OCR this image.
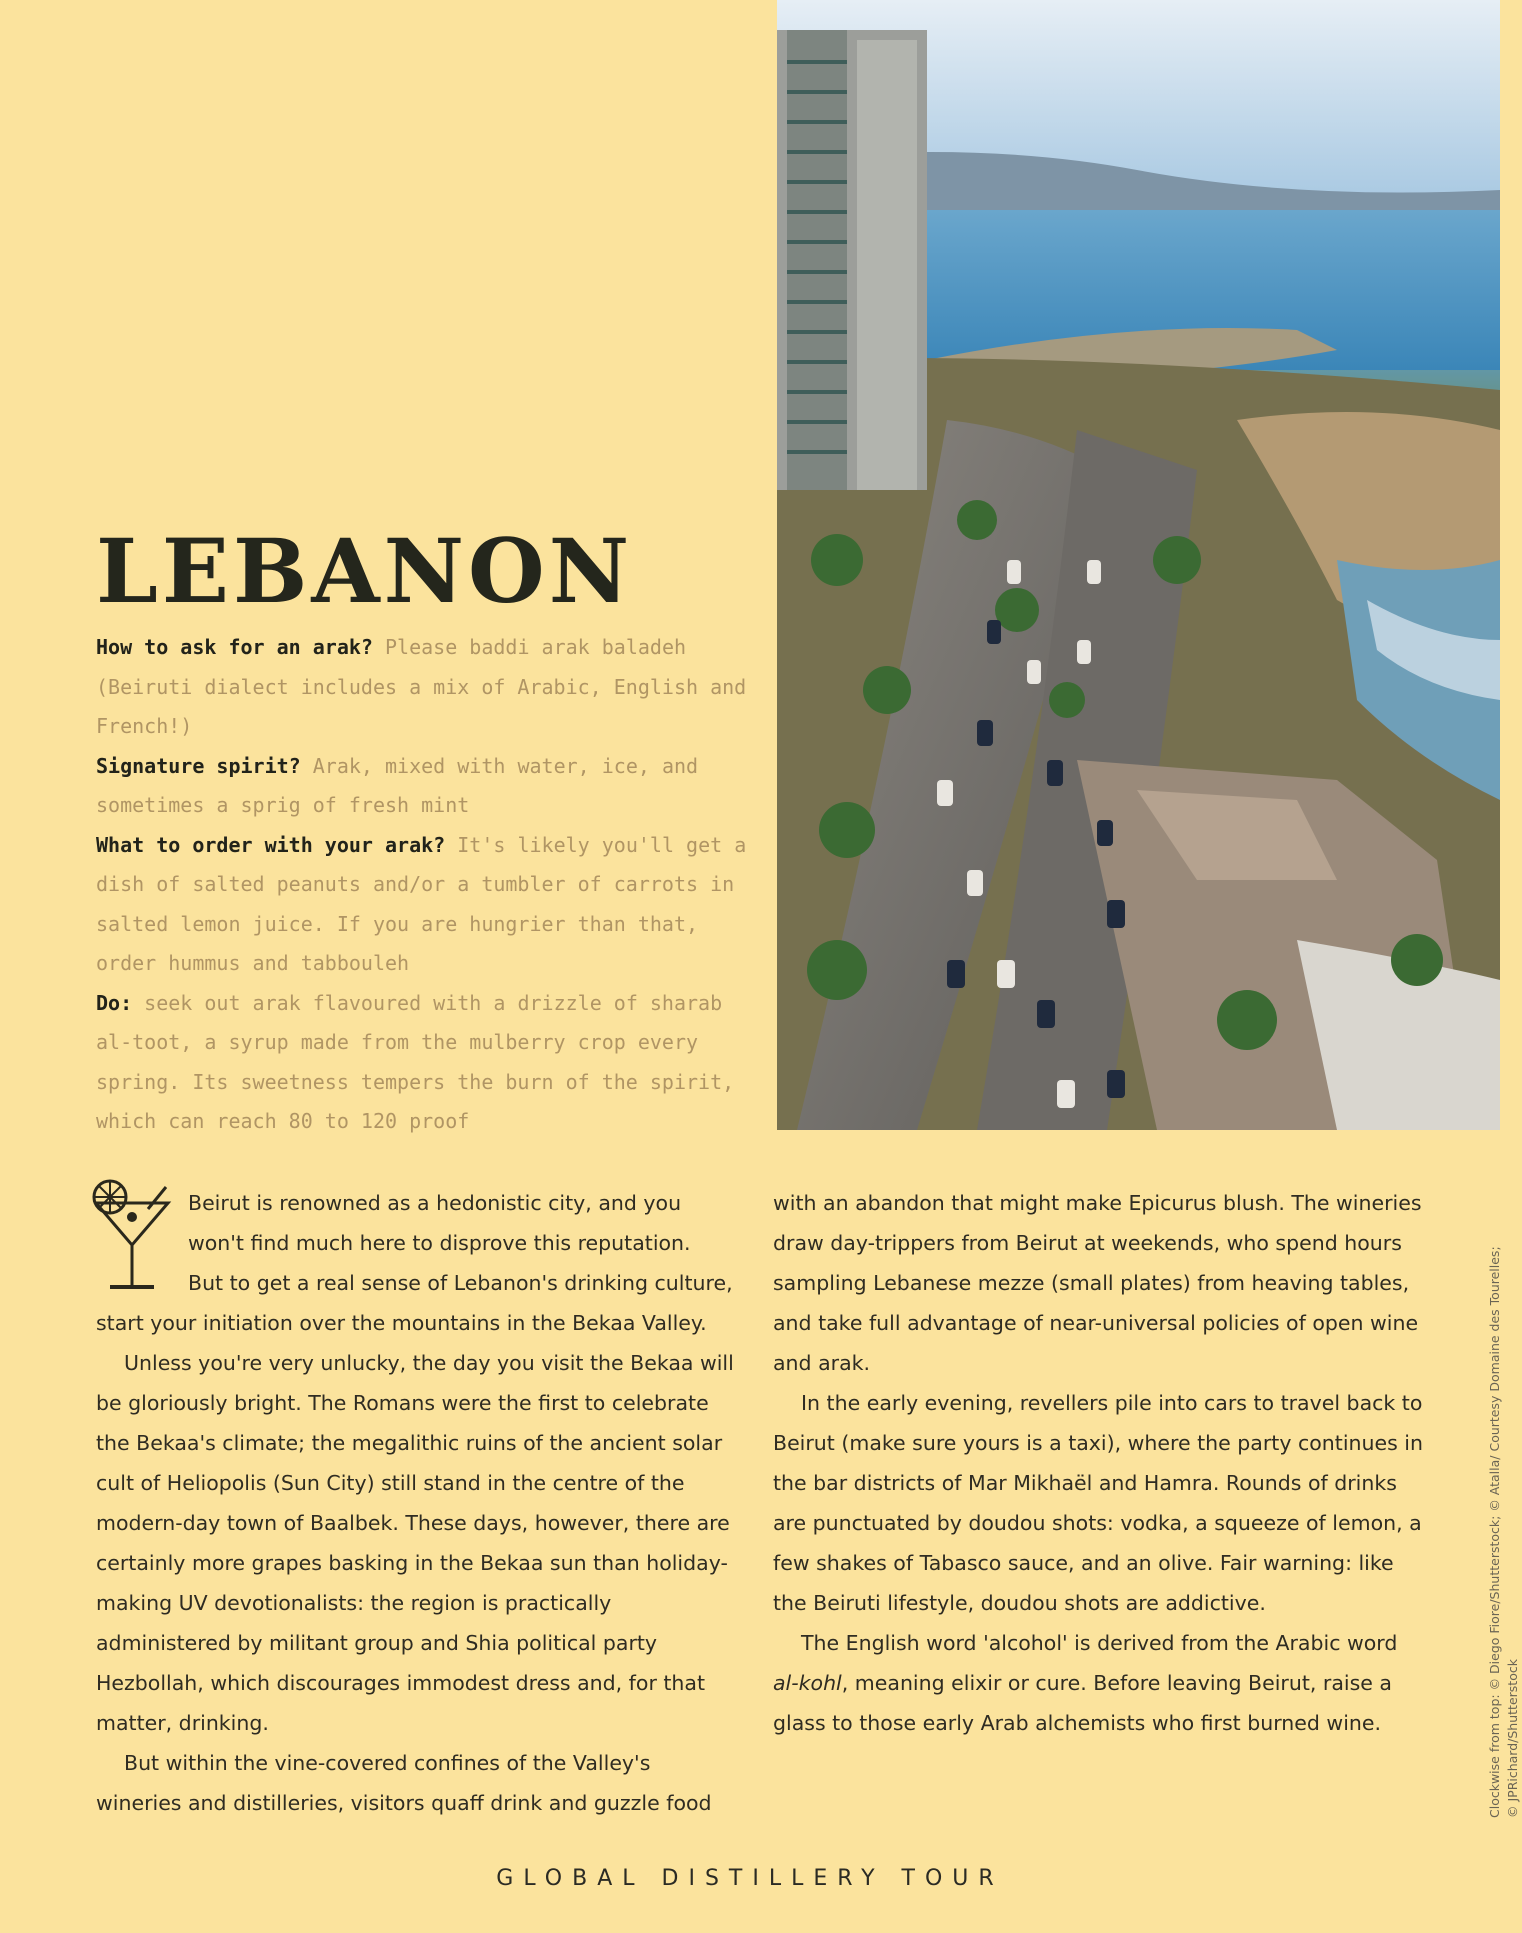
LEBANON

How to ask for an arak? Please baddi arak baladeh (Beiruti dialect includes a mix of Arabic, English and French!)

Signature spirit? Arak, mixed with water, ice, and sometimes a sprig of fresh mint

What to order with your arak? It's likely you'll get a dish of salted peanuts and/or a tumbler of carrots in salted lemon juice. If you are hungrier than that, order hummus and tabbouleh

Do: seek out arak flavoured with a drizzle of sharab al-toot, a syrup made from the mulberry crop every spring. Its sweetness tempers the burn of the spirit, which can reach 80 to 120 proof

Beirut is renowned as a hedonistic city, and you
won't find much here to disprove this reputation.
But to get a real sense of Lebanon's drinking culture,
start your initiation over the mountains in the Bekaa Valley.

Unless you're very unlucky, the day you visit the Bekaa will be gloriously bright. The Romans were the first to celebrate the Bekaa's climate; the megalithic ruins of the ancient solar cult of Heliopolis (Sun City) still stand in the centre of the modern-day town of Baalbek. These days, however, there are certainly more grapes basking in the Bekaa sun than holiday-making UV devotionalists: the region is practically administered by militant group and Shia political party Hezbollah, which discourages immodest dress and, for that matter, drinking.

But within the vine-covered confines of the Valley's wineries and distilleries, visitors quaff drink and guzzle food

with an abandon that might make Epicurus blush. The wineries draw day-trippers from Beirut at weekends, who spend hours sampling Lebanese mezze (small plates) from heaving tables, and take full advantage of near-universal policies of open wine and arak.

In the early evening, revellers pile into cars to travel back to Beirut (make sure yours is a taxi), where the party continues in the bar districts of Mar Mikhaël and Hamra. Rounds of drinks are punctuated by doudou shots: vodka, a squeeze of lemon, a few shakes of Tabasco sauce, and an olive. Fair warning: like the Beiruti lifestyle, doudou shots are addictive.

The English word 'alcohol' is derived from the Arabic word al-kohl, meaning elixir or cure. Before leaving Beirut, raise a glass to those early Arab alchemists who first burned wine.	Clockwise from top: © Diego Fiore/Shutterstock; © Atalla/ Courtesy Domaine des Tourelles; © JPRichard/Shutterstock
GLOBAL DISTILLERY TOUR
